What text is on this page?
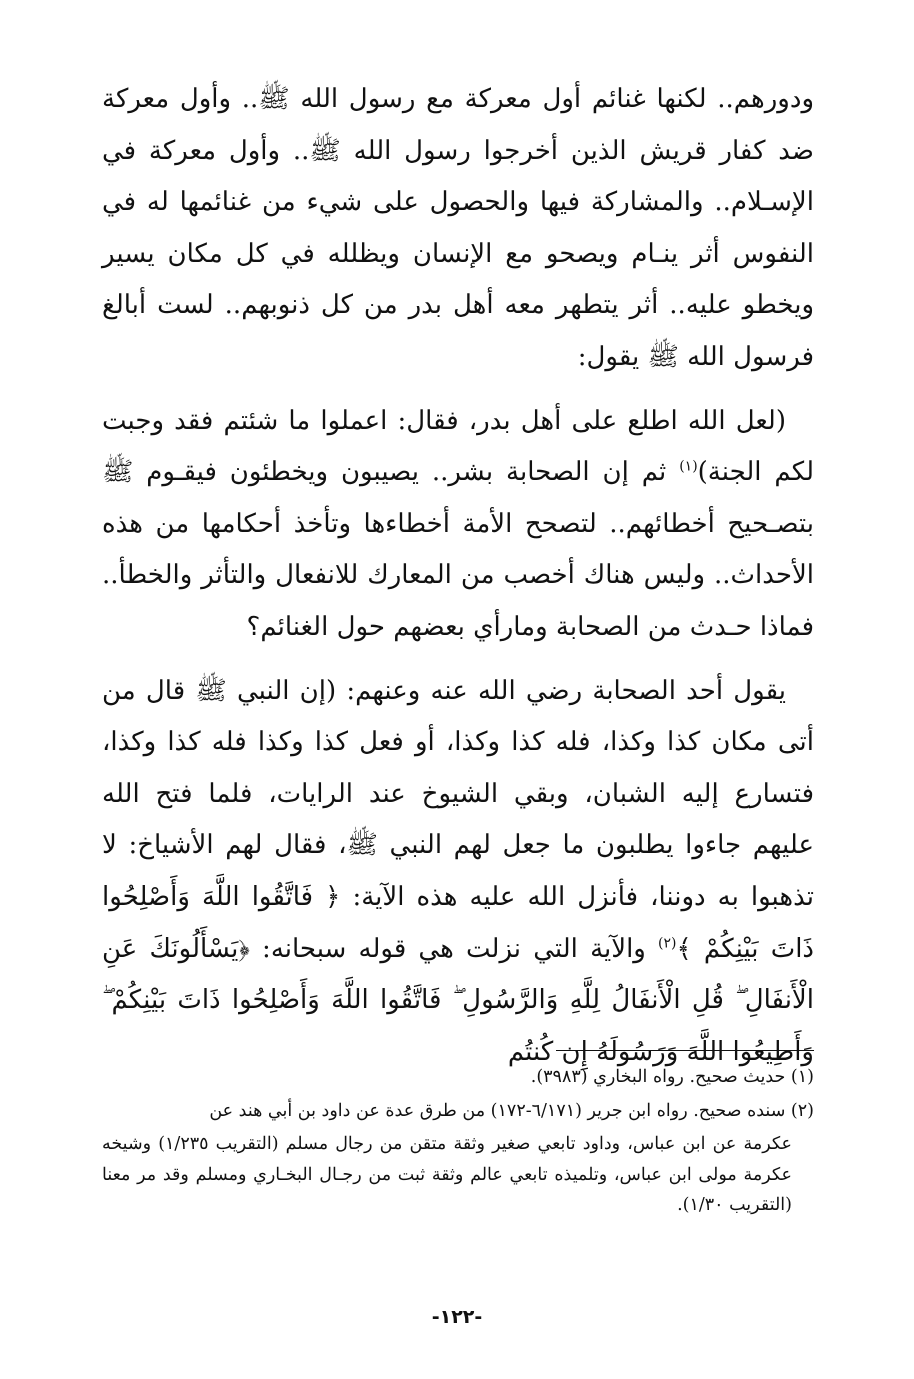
ودورهم.. لكنها غنائم أول معركة مع رسول الله ﷺ.. وأول معركة ضد كفار قريش الذين أخرجوا رسول الله ﷺ.. وأول معركة في الإسـلام.. والمشاركة فيها والحصول على شيء من غنائمها له في النفوس أثر ينـام ويصحو مع الإنسان ويظلله في كل مكان يسير ويخطو عليه.. أثر يتطهر معه أهل بدر من كل ذنوبهم.. لست أبالغ فرسول الله ﷺ يقول:

(لعل الله اطلع على أهل بدر، فقال: اعملوا ما شئتم فقد وجبت لكم الجنة)$^{(١)}$ ثم إن الصحابة بشر.. يصيبون ويخطئون فيقـوم ﷺ بتصـحيح أخطائهم.. لتصحح الأمة أخطاءها وتأخذ أحكامها من هذه الأحداث.. وليس هناك أخصب من المعارك للانفعال والتأثر والخطأ.. فماذا حـدث من الصحابة ومارأي بعضهم حول الغنائم؟

يقول أحد الصحابة رضي الله عنه وعنهم: (إن النبي ﷺ قال من أتى مكان كذا وكذا، فله كذا وكذا، أو فعل كذا وكذا فله كذا وكذا، فتسارع إليه الشبان، وبقي الشيوخ عند الرايات، فلما فتح الله عليهم جاءوا يطلبون ما جعل لهم النبي ﷺ، فقال لهم الأشياخ: لا تذهبوا به دوننا، فأنزل الله عليه هذه الآية: ﴿ فَاتَّقُوا اللَّهَ وَأَصْلِحُوا ذَاتَ بَيْنِكُمْ ﴾$^{(٢)}$ والآية التي نزلت هي قوله سبحانه: ﴿يَسْأَلُونَكَ عَنِ الْأَنفَالِ ۖ قُلِ الْأَنفَالُ لِلَّهِ وَالرَّسُولِ ۖ فَاتَّقُوا اللَّهَ وَأَصْلِحُوا ذَاتَ بَيْنِكُمْ ۖ وَأَطِيعُوا اللَّهَ وَرَسُولَهُ إِن كُنتُم

(١) حديث صحيح. رواه البخاري (٣٩٨٣).

(٢) سنده صحيح. رواه ابن جرير (٦/١٧١-١٧٢) من طرق عدة عن داود بن أبي هند عن

عكرمة عن ابن عباس، وداود تابعي صغير وثقة متقن من رجال مسلم (التقريب ١/٢٣٥) وشيخه عكرمة مولى ابن عباس، وتلميذه تابعي عالم وثقة ثبت من رجـال البخـاري ومسلم وقد مر معنا (التقريب ١/٣٠).

-١٢٢-
